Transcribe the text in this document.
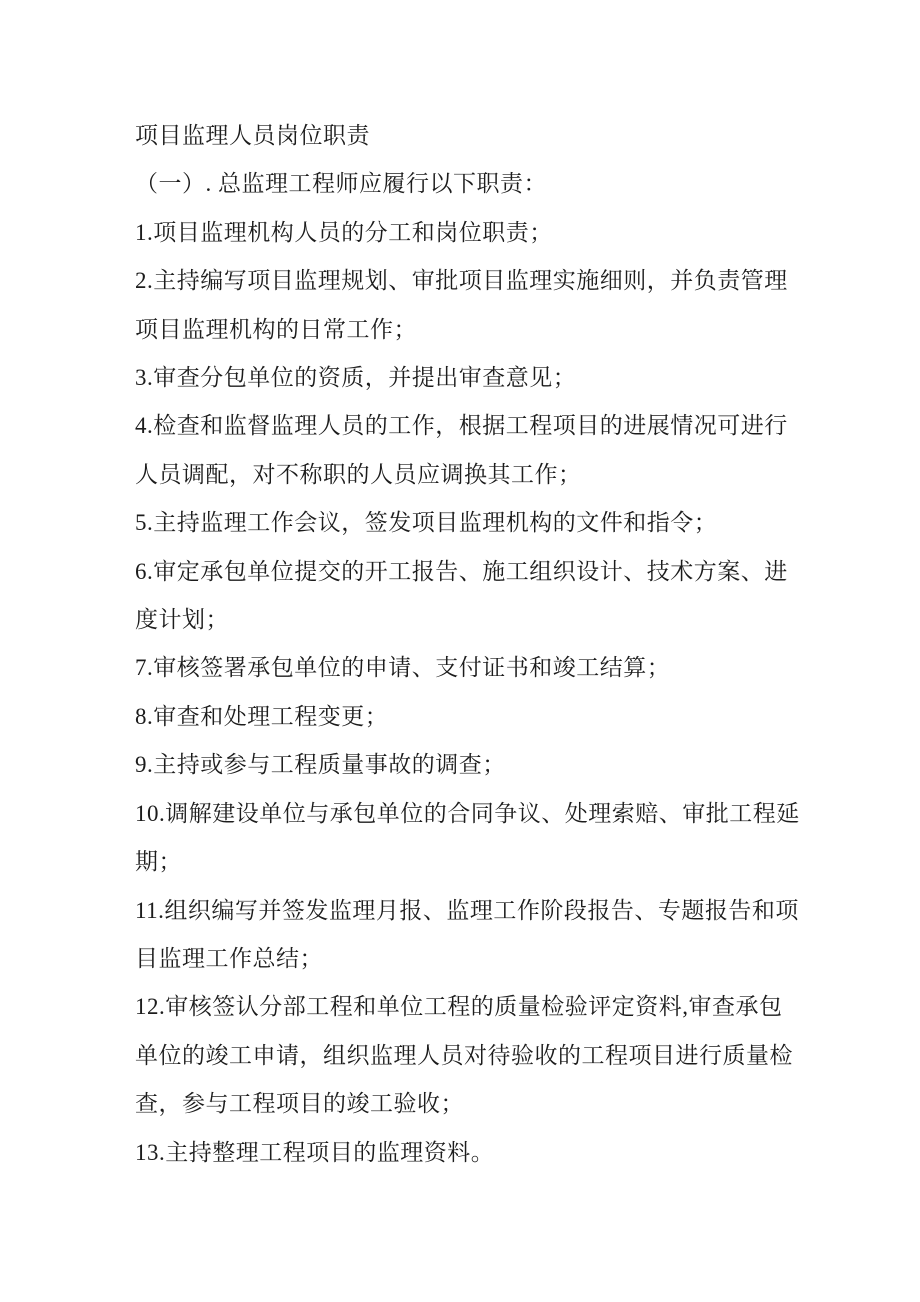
项目监理人员岗位职责
（一）. 总监理工程师应履行以下职责：
1.项目监理机构人员的分工和岗位职责；
2.主持编写项目监理规划、审批项目监理实施细则，并负责管理
项目监理机构的日常工作；
3.审查分包单位的资质，并提出审查意见；
4.检查和监督监理人员的工作，根据工程项目的进展情况可进行
人员调配，对不称职的人员应调换其工作；
5.主持监理工作会议，签发项目监理机构的文件和指令；
6.审定承包单位提交的开工报告、施工组织设计、技术方案、进
度计划；
7.审核签署承包单位的申请、支付证书和竣工结算；
8.审查和处理工程变更；
9.主持或参与工程质量事故的调查；
10.调解建设单位与承包单位的合同争议、处理索赔、审批工程延
期；
11.组织编写并签发监理月报、监理工作阶段报告、专题报告和项
目监理工作总结；
12.审核签认分部工程和单位工程的质量检验评定资料,审查承包
单位的竣工申请，组织监理人员对待验收的工程项目进行质量检
查，参与工程项目的竣工验收；
13.主持整理工程项目的监理资料。
